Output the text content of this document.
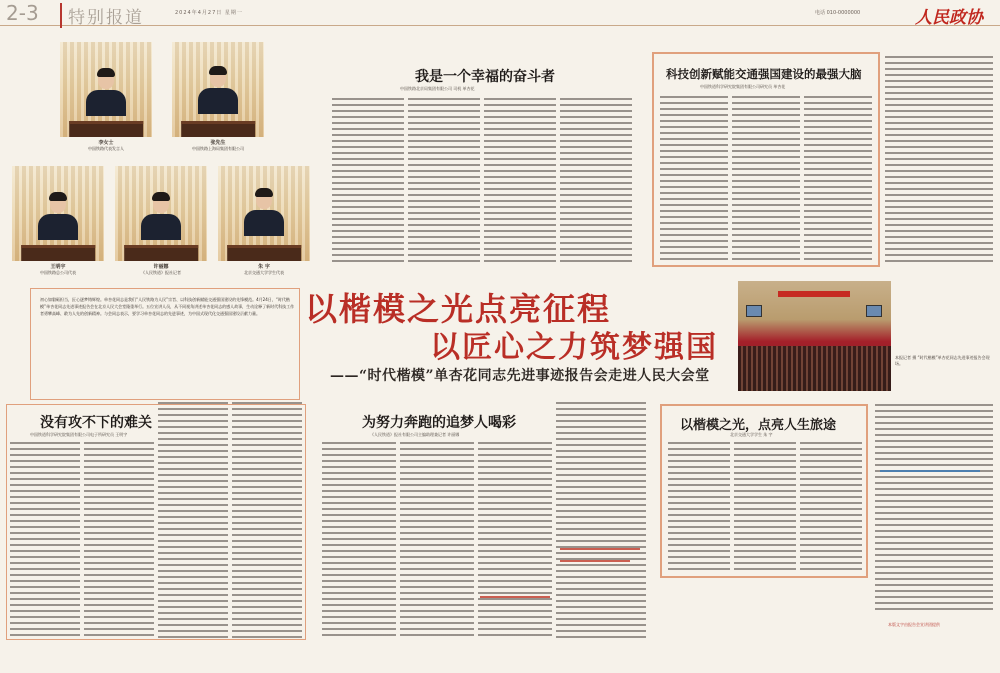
2-3	特别报道	2024年4月27日 星期一	电话 010-0000000	人民政协
李女士
中国铁路代表发言人
张先生
中国铁路上海局集团有限公司
王明宇
中国铁路总公司代表
许丽娜
《人民铁道》报社记者
朱 宇
北京交通大学学生代表
我是一个幸福的奋斗者
中国铁路北京局集团有限公司 司机 单杏花
科技创新赋能交通强国建设的最强大脑
中国铁道科学研究院集团有限公司研究员 单杏花
初心如磐砺担当，匠心逐梦铸辉煌。单杏花同志是我们“人民铁路为人民”宗旨、以科技创新赋能交通强国建设的先锋模范。4月24日，“时代楷模”单杏花同志先进事迹报告会在北京人民大会堂隆重举行。五位宣讲人员，从不同视角讲述单杏花同志的感人故事，生动诠释了新时代科技工作者勇攀高峰、敢为人先的创新精神。与会同志表示，要学习单杏花同志的先进事迹，为中国式现代化交通强国建设贡献力量。	以楷模之光点亮征程
以匠心之力筑梦强国
——“时代楷模”单杏花同志先进事迹报告会走进人民大会堂
本报记者 摄 “时代楷模”单杏花同志先进事迹报告会现场。
没有攻不下的难关
中国铁道科学研究院集团有限公司电子所研究员 王明宇
为努力奔跑的追梦人喝彩
《人民铁道》报社有限公司主编助理兼记者 许丽娜
以楷模之光，点亮人生旅途
北京交通大学学生 朱 宇
本版文字由报告会宣讲团提供
